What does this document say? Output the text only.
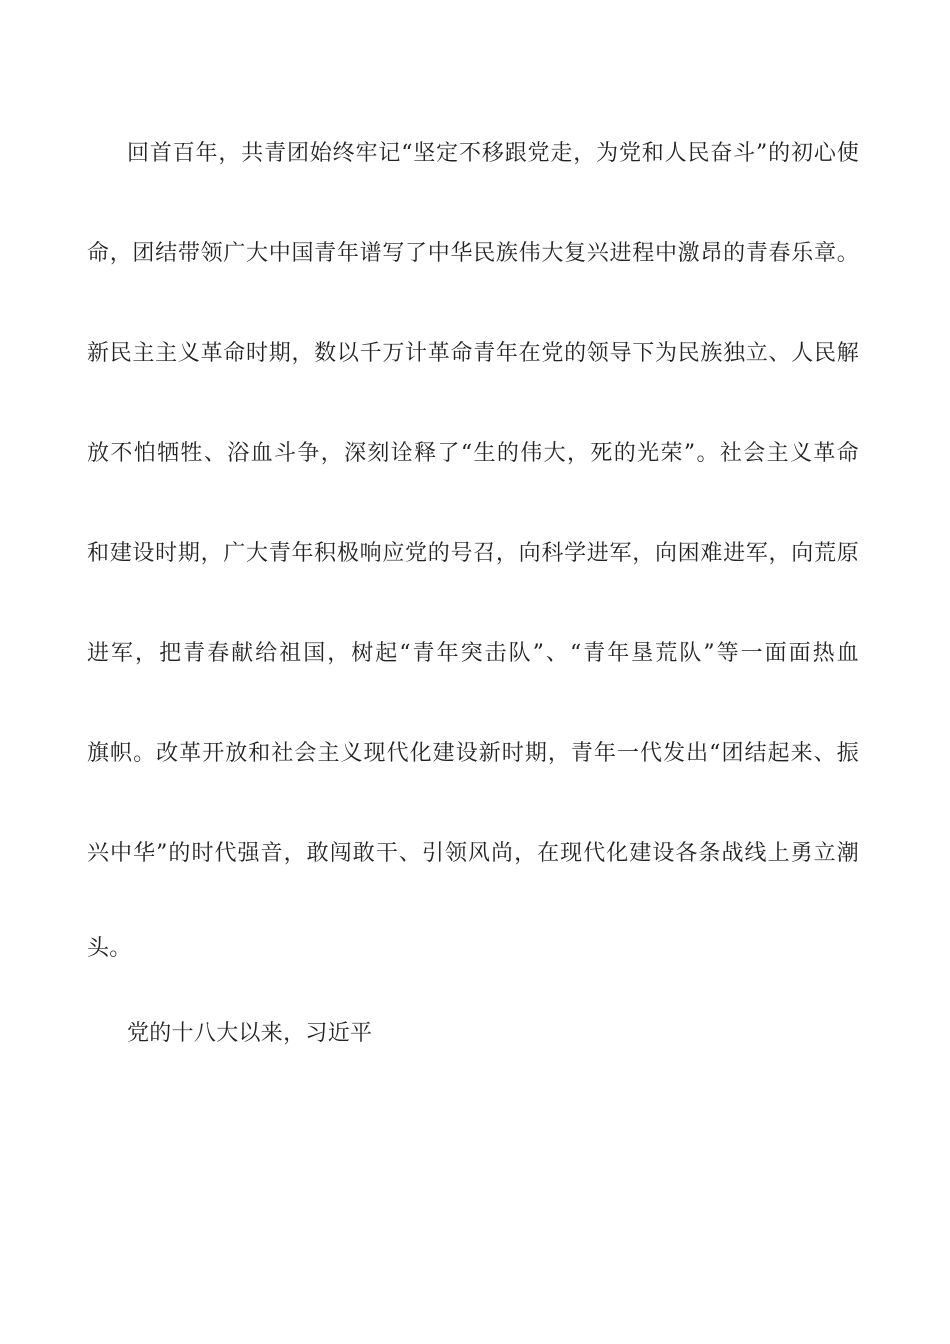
回首百年，共青团始终牢记“坚定不移跟党走，为党和人民奋斗”的初心使
命，团结带领广大中国青年谱写了中华民族伟大复兴进程中激昂的青春乐章。
新民主主义革命时期，数以千万计革命青年在党的领导下为民族独立、人民解
放不怕牺牲、浴血斗争，深刻诠释了“生的伟大，死的光荣”。社会主义革命
和建设时期，广大青年积极响应党的号召，向科学进军，向困难进军，向荒原
进军，把青春献给祖国，树起“青年突击队”、“青年垦荒队”等一面面热血
旗帜。改革开放和社会主义现代化建设新时期，青年一代发出“团结起来、振
兴中华”的时代强音，敢闯敢干、引领风尚，在现代化建设各条战线上勇立潮
头。
党的十八大以来，习近平
